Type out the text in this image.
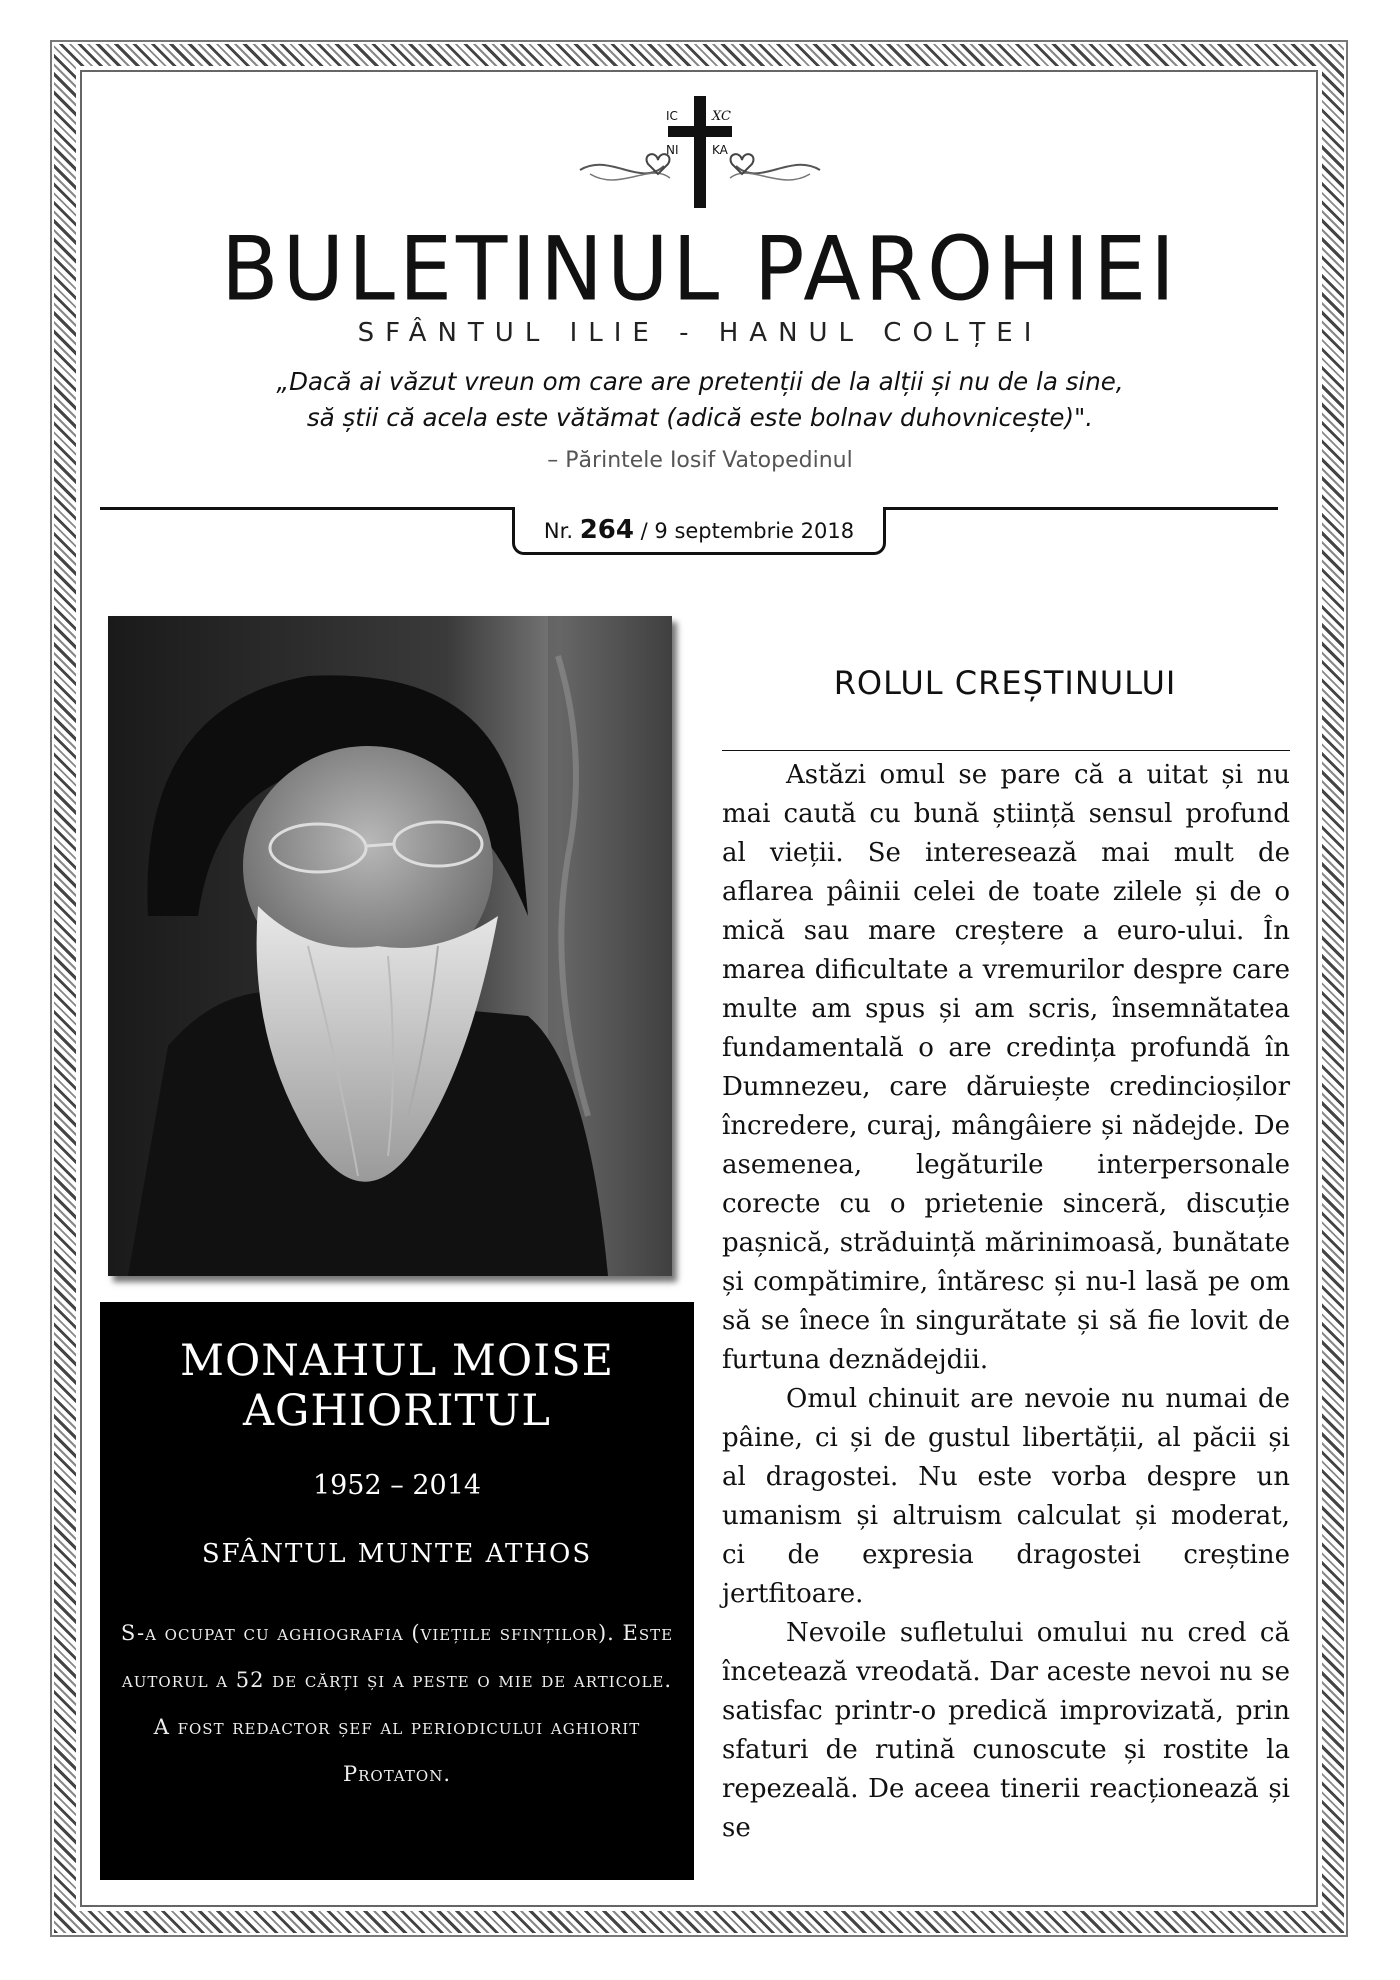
IC	XC
NI	KA
BULETINUL PAROHIEI
SFÂNTUL ILIE - HANUL COLȚEI
„Dacă ai văzut vreun om care are pretenții de la alții și nu de la sine,
să știi că acela este vătămat (adică este bolnav duhovnicește)".
– Părintele Iosif Vatopedinul
Nr. 264 / 9 septembrie 2018
MONAHUL MOISE
AGHIORITUL
1952 – 2014
SFÂNTUL MUNTE ATHOS
S-a ocupat cu aghiografia (viețile sfinților). Este autorul a 52 de cărți și a peste o mie de articole. A fost redactor șef al periodicului aghiorit Protaton.
ROLUL CREȘTINULUI

Astăzi omul se pare că a uitat și nu mai caută cu bună știință sensul profund al vieții. Se interesează mai mult de aflarea pâinii celei de toate zilele și de o mică sau mare creștere a euro-ului. În marea dificultate a vremurilor despre care multe am spus și am scris, însemnătatea fundamentală o are credința profundă în Dumnezeu, care dăruiește credincioșilor încredere, curaj, mângâiere și nădejde. De asemenea, legăturile interpersonale corecte cu o prietenie sinceră, discuție pașnică, străduință mărinimoasă, bunătate și compătimire, întăresc și nu-l lasă pe om să se înece în singurătate și să fie lovit de furtuna deznădejdii.

Omul chinuit are nevoie nu numai de pâine, ci și de gustul libertății, al păcii și al dragostei. Nu este vorba despre un umanism și altruism calculat și moderat, ci de expresia dragostei creștine jertfitoare.

Nevoile sufletului omului nu cred că încetează vreodată. Dar aceste nevoi nu se satisfac printr-o predică improvizată, prin sfaturi de rutină cunoscute și rostite la repezeală. De aceea tinerii reacționează și se
